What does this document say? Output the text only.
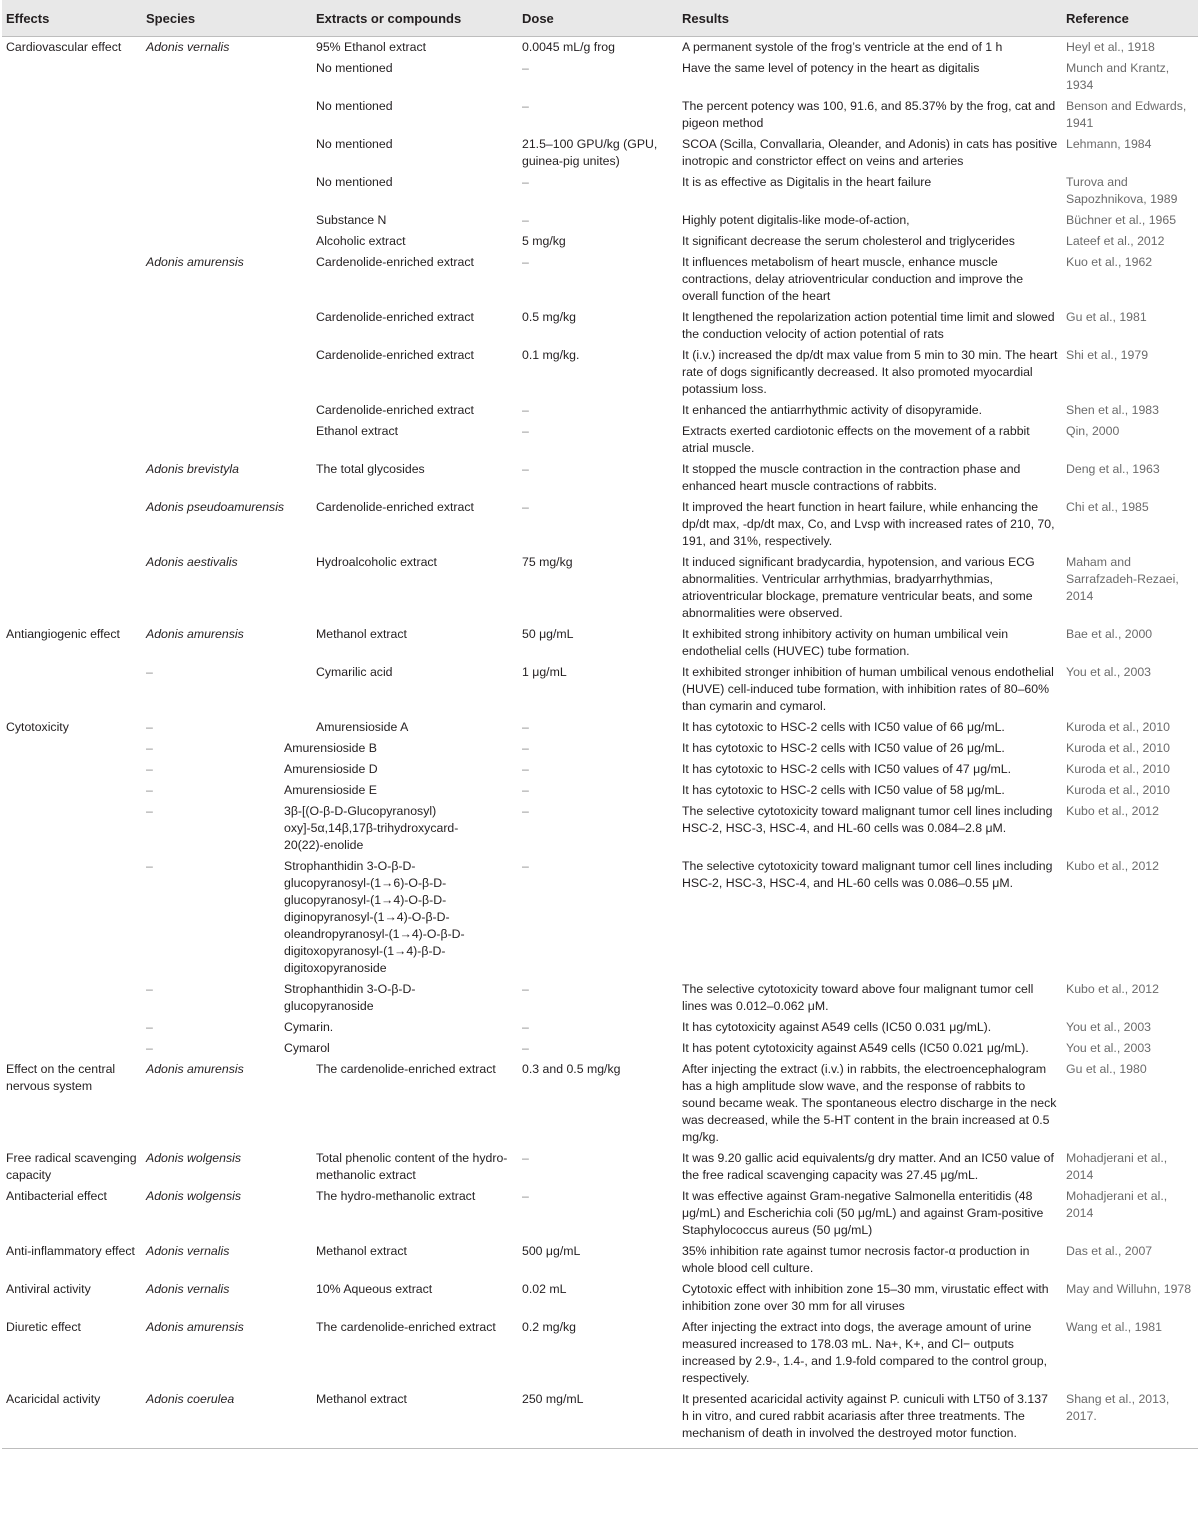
Effects	Species	Extracts or compounds	Dose	Results	Reference
Cardiovascular effect	Adonis vernalis	95% Ethanol extract	0.0045 mL/g frog	A permanent systole of the frog’s ventricle at the end of 1 h	Heyl et al., 1918
		No mentioned	–	Have the same level of potency in the heart as digitalis	Munch and Krantz, 1934
		No mentioned	–	The percent potency was 100, 91.6, and 85.37% by the frog, cat and pigeon method	Benson and Edwards, 1941
		No mentioned	21.5–100 GPU/kg (GPU, guinea-pig unites)	SCOA (Scilla, Convallaria, Oleander, and Adonis) in cats has positive inotropic and constrictor effect on veins and arteries	Lehmann, 1984
		No mentioned	–	It is as effective as Digitalis in the heart failure	Turova and Sapozhnikova, 1989
		Substance N	–	Highly potent digitalis-like mode-of-action,	Büchner et al., 1965
		Alcoholic extract	5 mg/kg	It significant decrease the serum cholesterol and triglycerides	Lateef et al., 2012
	Adonis amurensis	Cardenolide-enriched extract	–	It influences metabolism of heart muscle, enhance muscle contractions, delay atrioventricular conduction and improve the overall function of the heart	Kuo et al., 1962
		Cardenolide-enriched extract	0.5 mg/kg	It lengthened the repolarization action potential time limit and slowed the conduction velocity of action potential of rats	Gu et al., 1981
		Cardenolide-enriched extract	0.1 mg/kg.	It (i.v.) increased the dp/dt max value from 5 min to 30 min. The heart rate of dogs significantly decreased. It also promoted myocardial potassium loss.	Shi et al., 1979
		Cardenolide-enriched extract	–	It enhanced the antiarrhythmic activity of disopyramide.	Shen et al., 1983
		Ethanol extract	–	Extracts exerted cardiotonic effects on the movement of a rabbit atrial muscle.	Qin, 2000
	Adonis brevistyla	The total glycosides	–	It stopped the muscle contraction in the contraction phase and enhanced heart muscle contractions of rabbits.	Deng et al., 1963
	Adonis pseudoamurensis	Cardenolide-enriched extract	–	It improved the heart function in heart failure, while enhancing the dp/dt max, -dp/dt max, Co, and Lvsp with increased rates of 210, 70, 191, and 31%, respectively.	Chi et al., 1985
	Adonis aestivalis	Hydroalcoholic extract	75 mg/kg	It induced significant bradycardia, hypotension, and various ECG abnormalities. Ventricular arrhythmias, bradyarrhythmias, atrioventricular blockage, premature ventricular beats, and some abnormalities were observed.	Maham and Sarrafzadeh-Rezaei, 2014
Antiangiogenic effect	Adonis amurensis	Methanol extract	50 μg/mL	It exhibited strong inhibitory activity on human umbilical vein endothelial cells (HUVEC) tube formation.	Bae et al., 2000
	–	Cymarilic acid	1 μg/mL	It exhibited stronger inhibition of human umbilical venous endothelial (HUVE) cell-induced tube formation, with inhibition rates of 80–60% than cymarin and cymarol.	You et al., 2003
Cytotoxicity	–	Amurensioside A	–	It has cytotoxic to HSC-2 cells with IC50 value of 66 μg/mL.	Kuroda et al., 2010
	–	Amurensioside B	–	It has cytotoxic to HSC-2 cells with IC50 value of 26 μg/mL.	Kuroda et al., 2010
	–	Amurensioside D	–	It has cytotoxic to HSC-2 cells with IC50 values of 47 μg/mL.	Kuroda et al., 2010
	–	Amurensioside E	–	It has cytotoxic to HSC-2 cells with IC50 value of 58 μg/mL.	Kuroda et al., 2010
	–	3β-[(O-β-D-Glucopyranosyl) oxy]-5α,14β,17β-trihydroxycard-20(22)-enolide	–	The selective cytotoxicity toward malignant tumor cell lines including HSC-2, HSC-3, HSC-4, and HL-60 cells was 0.084–2.8 μM.	Kubo et al., 2012
	–	Strophanthidin 3-O-β-D-glucopyranosyl-(1→6)-O-β-D-glucopyranosyl-(1→4)-O-β-D-diginopyranosyl-(1→4)-O-β-D-oleandropyranosyl-(1→4)-O-β-D-digitoxopyranosyl-(1→4)-β-D-digitoxopyranoside	–	The selective cytotoxicity toward malignant tumor cell lines including HSC-2, HSC-3, HSC-4, and HL-60 cells was 0.086–0.55 μM.	Kubo et al., 2012
	–	Strophanthidin 3-O-β-D-glucopyranoside	–	The selective cytotoxicity toward above four malignant tumor cell lines was 0.012–0.062 μM.	Kubo et al., 2012
	–	Cymarin.	–	It has cytotoxicity against A549 cells (IC50 0.031 μg/mL).	You et al., 2003
	–	Cymarol	–	It has potent cytotoxicity against A549 cells (IC50 0.021 μg/mL).	You et al., 2003
Effect on the central nervous system	Adonis amurensis	The cardenolide-enriched extract	0.3 and 0.5 mg/kg	After injecting the extract (i.v.) in rabbits, the electroencephalogram has a high amplitude slow wave, and the response of rabbits to sound became weak. The spontaneous electro discharge in the neck was decreased, while the 5-HT content in the brain increased at 0.5 mg/kg.	Gu et al., 1980
Free radical scavenging capacity	Adonis wolgensis	Total phenolic content of the hydro-methanolic extract	–	It was 9.20 gallic acid equivalents/g dry matter. And an IC50 value of the free radical scavenging capacity was 27.45 μg/mL.	Mohadjerani et al., 2014
Antibacterial effect	Adonis wolgensis	The hydro-methanolic extract	–	It was effective against Gram-negative Salmonella enteritidis (48 μg/mL) and Escherichia coli (50 μg/mL) and against Gram-positive Staphylococcus aureus (50 μg/mL)	Mohadjerani et al., 2014
Anti-inflammatory effect	Adonis vernalis	Methanol extract	500 μg/mL	35% inhibition rate against tumor necrosis factor-α production in whole blood cell culture.	Das et al., 2007
Antiviral activity	Adonis vernalis	10% Aqueous extract	0.02 mL	Cytotoxic effect with inhibition zone 15–30 mm, virustatic effect with inhibition zone over 30 mm for all viruses	May and Willuhn, 1978
Diuretic effect	Adonis amurensis	The cardenolide-enriched extract	0.2 mg/kg	After injecting the extract into dogs, the average amount of urine measured increased to 178.03 mL. Na+, K+, and Cl− outputs increased by 2.9-, 1.4-, and 1.9-fold compared to the control group, respectively.	Wang et al., 1981
Acaricidal activity	Adonis coerulea	Methanol extract	250 mg/mL	It presented acaricidal activity against P. cuniculi with LT50 of 3.137 h in vitro, and cured rabbit acariasis after three treatments. The mechanism of death in involved the destroyed motor function.	Shang et al., 2013, 2017.
